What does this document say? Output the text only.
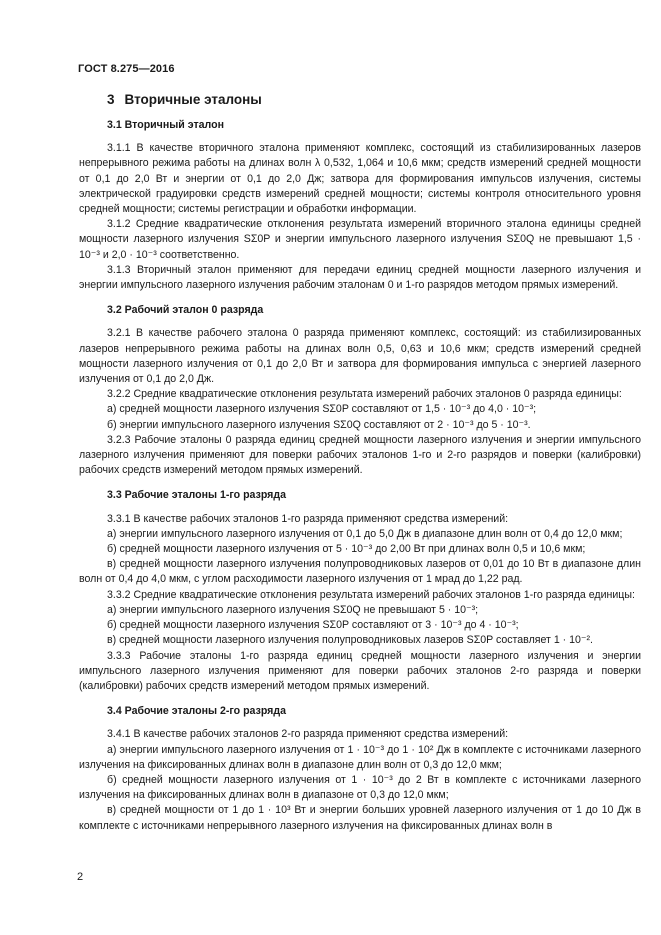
ГОСТ 8.275—2016
3 Вторичные эталоны

3.1 Вторичный эталон

3.1.1 В качестве вторичного эталона применяют комплекс, состоящий из стабилизированных лазеров непрерывного режима работы на длинах волн λ 0,532, 1,064 и 10,6 мкм; средств измерений средней мощности от 0,1 до 2,0 Вт и энергии от 0,1 до 2,0 Дж; затвора для формирования импульсов излучения, системы электрической градуировки средств измерений средней мощности; системы контроля относительного уровня средней мощности; системы регистрации и обработки информации.

3.1.2 Средние квадратические отклонения результата измерений вторичного эталона единицы средней мощности лазерного излучения SΣ0P и энергии импульсного лазерного излучения SΣ0Q не превышают 1,5 · 10⁻³ и 2,0 · 10⁻³ соответственно.

3.1.3 Вторичный эталон применяют для передачи единиц средней мощности лазерного излучения и энергии импульсного лазерного излучения рабочим эталонам 0 и 1-го разрядов методом прямых измерений.

3.2 Рабочий эталон 0 разряда

3.2.1 В качестве рабочего эталона 0 разряда применяют комплекс, состоящий: из стабилизированных лазеров непрерывного режима работы на длинах волн 0,5, 0,63 и 10,6 мкм; средств измерений средней мощности лазерного излучения от 0,1 до 2,0 Вт и затвора для формирования импульса с энергией лазерного излучения от 0,1 до 2,0 Дж.

3.2.2 Средние квадратические отклонения результата измерений рабочих эталонов 0 разряда единицы:

а) средней мощности лазерного излучения SΣ0P составляют от 1,5 · 10⁻³ до 4,0 · 10⁻³;

б) энергии импульсного лазерного излучения SΣ0Q составляют от 2 · 10⁻³ до 5 · 10⁻³.

3.2.3 Рабочие эталоны 0 разряда единиц средней мощности лазерного излучения и энергии импульсного лазерного излучения применяют для поверки рабочих эталонов 1-го и 2-го разрядов и поверки (калибровки) рабочих средств измерений методом прямых измерений.

3.3 Рабочие эталоны 1-го разряда

3.3.1 В качестве рабочих эталонов 1-го разряда применяют средства измерений:

а) энергии импульсного лазерного излучения от 0,1 до 5,0 Дж в диапазоне длин волн от 0,4 до 12,0 мкм;

б) средней мощности лазерного излучения от 5 · 10⁻³ до 2,00 Вт при длинах волн 0,5 и 10,6 мкм;

в) средней мощности лазерного излучения полупроводниковых лазеров от 0,01 до 10 Вт в диапазоне длин волн от 0,4 до 4,0 мкм, с углом расходимости лазерного излучения от 1 мрад до 1,22 рад.

3.3.2 Средние квадратические отклонения результата измерений рабочих эталонов 1-го разряда единицы:

а) энергии импульсного лазерного излучения SΣ0Q не превышают 5 · 10⁻³;

б) средней мощности лазерного излучения SΣ0P составляют от 3 · 10⁻³ до 4 · 10⁻³;

в) средней мощности лазерного излучения полупроводниковых лазеров SΣ0P составляет 1 · 10⁻².

3.3.3 Рабочие эталоны 1-го разряда единиц средней мощности лазерного излучения и энергии импульсного лазерного излучения применяют для поверки рабочих эталонов 2-го разряда и поверки (калибровки) рабочих средств измерений методом прямых измерений.

3.4 Рабочие эталоны 2-го разряда

3.4.1 В качестве рабочих эталонов 2-го разряда применяют средства измерений:

а) энергии импульсного лазерного излучения от 1 · 10⁻³ до 1 · 10² Дж в комплекте с источниками лазерного излучения на фиксированных длинах волн в диапазоне длин волн от 0,3 до 12,0 мкм;

б) средней мощности лазерного излучения от 1 · 10⁻³ до 2 Вт в комплекте с источниками лазерного излучения на фиксированных длинах волн в диапазоне от 0,3 до 12,0 мкм;

в) средней мощности от 1 до 1 · 10³ Вт и энергии больших уровней лазерного излучения от 1 до 10 Дж в комплекте с источниками непрерывного лазерного излучения на фиксированных длинах волн в

2
